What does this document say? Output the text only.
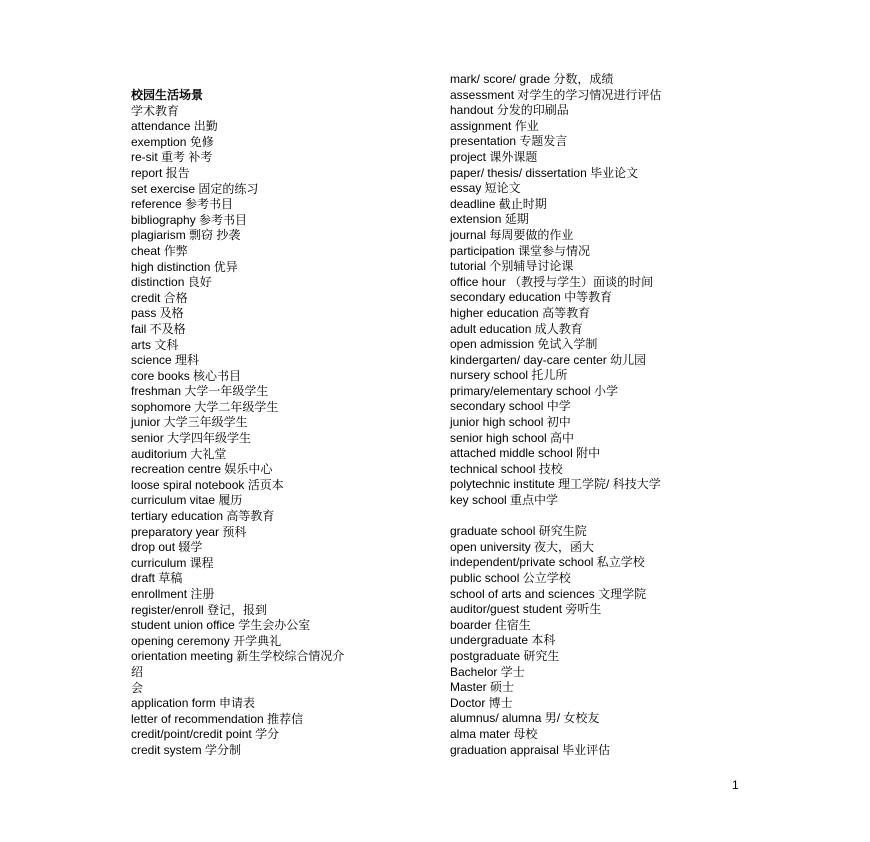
校园生活场景
学术教育
attendance 出勤
exemption 免修
re-sit 重考 补考
report 报告
set exercise 固定的练习
reference 参考书目
bibliography 参考书目
plagiarism 剽窃 抄袭
cheat 作弊
high distinction 优异
distinction 良好
credit 合格
pass 及格
fail 不及格
arts 文科
science 理科
core books 核心书目
freshman 大学一年级学生
sophomore 大学二年级学生
junior 大学三年级学生
senior 大学四年级学生
auditorium 大礼堂
recreation centre 娱乐中心
loose spiral notebook 活页本
curriculum vitae 履历
tertiary education 高等教育
preparatory year 预科
drop out 辍学
curriculum 课程
draft 草稿
enrollment 注册
register/enroll 登记，报到
student union office 学生会办公室
opening ceremony 开学典礼
orientation meeting 新生学校综合情况介
绍
会
application form 申请表
letter of recommendation 推荐信
credit/point/credit point 学分
credit system 学分制
mark/ score/ grade 分数，成绩
assessment 对学生的学习情况进行评估
handout 分发的印刷品
assignment 作业
presentation 专题发言
project 课外课题
paper/ thesis/ dissertation 毕业论文
essay 短论文
deadline 截止时期
extension 延期
journal 每周要做的作业
participation 课堂参与情况
tutorial 个别辅导讨论课
office hour （教授与学生）面谈的时间
secondary education 中等教育
higher education 高等教育
adult education 成人教育
open admission 免试入学制
kindergarten/ day-care center 幼儿园
nursery school 托儿所
primary/elementary school 小学
secondary school 中学
junior high school 初中
senior high school 高中
attached middle school 附中
technical school 技校
polytechnic institute 理工学院/ 科技大学
key school 重点中学
graduate school 研究生院
open university 夜大，函大
independent/private school 私立学校
public school 公立学校
school of arts and sciences 文理学院
auditor/guest student 旁听生
boarder 住宿生
undergraduate 本科
postgraduate 研究生
Bachelor 学士
Master 硕士
Doctor 博士
alumnus/ alumna 男/ 女校友
alma mater 母校
graduation appraisal 毕业评估
1
